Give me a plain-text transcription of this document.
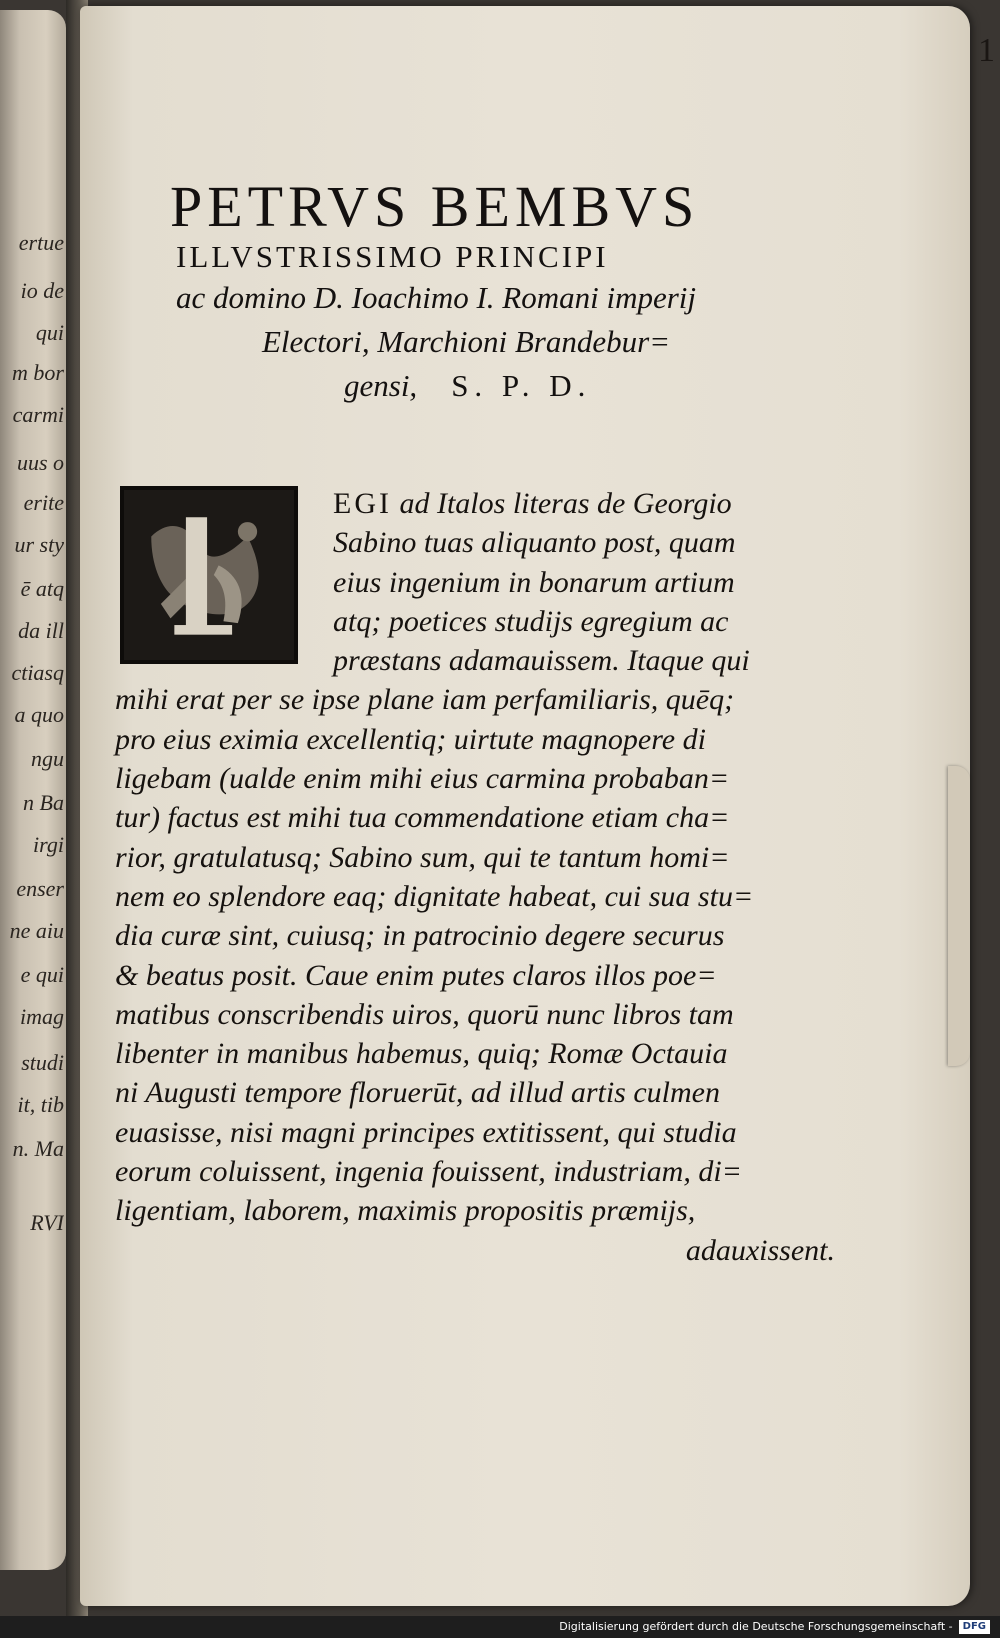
ertue
io de
qui
m bor
carmi
uus o
erite
ur sty
ē atq
da ill
ctiasq
a quo
ngu
n Ba
irgi
enser
ne aiu
e qui
imag
studi
it, tib
n. Ma
RVI
1
PETRVS BEMBVS
ILLVSTRISSIMO PRINCIPI
ac domino D. Ioachimo I. Romani imperij
Electori, Marchioni Brandebur=
gensi, S. P. D.
EGI ad Italos literas de Georgio
Sabino tuas aliquanto post, quam
eius ingenium in bonarum artium
atq; poetices studijs egregium ac
præstans adamauissem. Itaque qui
mihi erat per se ipse plane iam perfamiliaris, quēq;
pro eius eximia excellentiq; uirtute magnopere di
ligebam (ualde enim mihi eius carmina probaban=
tur) factus est mihi tua commendatione etiam cha=
rior, gratulatusq; Sabino sum, qui te tantum homi=
nem eo splendore eaq; dignitate habeat, cui sua stu=
dia curæ sint, cuiusq; in patrocinio degere securus
& beatus posit. Caue enim putes claros illos poe=
matibus conscribendis uiros, quorū nunc libros tam
libenter in manibus habemus, quiq; Romæ Octauia
ni Augusti tempore floruerūt, ad illud artis culmen
euasisse, nisi magni principes extitissent, qui studia
eorum coluissent, ingenia fouissent, industriam, di=
ligentiam, laborem, maximis propositis præmijs,
adauxissent.
Digitalisierung gefördert durch die Deutsche Forschungsgemeinschaft - DFG
